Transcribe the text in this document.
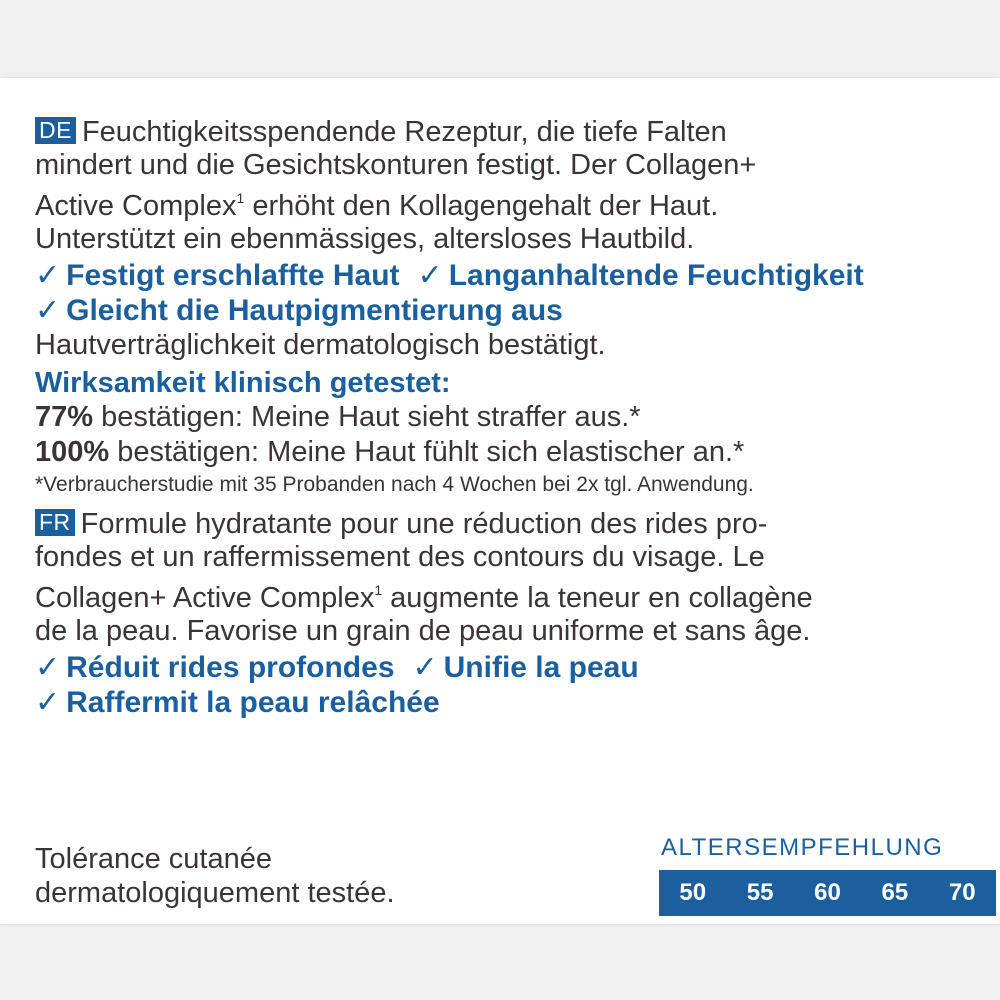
DE Feuchtigkeitsspendende Rezeptur, die tiefe Falten
mindert und die Gesichtskonturen festigt. Der Collagen+
Active Complex$^1$ erhöht den Kollagengehalt der Haut.
Unterstützt ein ebenmässiges, altersloses Hautbild.

✓ Festigt erschlaffte Haut ✓ Langanhaltende Feuchtigkeit
✓ Gleicht die Hautpigmentierung aus

Hautverträglichkeit dermatologisch bestätigt.

Wirksamkeit klinisch getestet:

77% bestätigen: Meine Haut sieht straffer aus.*

100% bestätigen: Meine Haut fühlt sich elastischer an.*

*Verbraucherstudie mit 35 Probanden nach 4 Wochen bei 2x tgl. Anwendung.

FR Formule hydratante pour une réduction des rides pro-
fondes et un raffermissement des contours du visage. Le
Collagen+ Active Complex$^1$ augmente la teneur en collagène
de la peau. Favorise un grain de peau uniforme et sans âge.

✓ Réduit rides profondes ✓ Unifie la peau
✓ Raffermit la peau relâchée
Tolérance cutanée
dermatologiquement testée.
ALTERSEMPFEHLUNG
50 55 60 65 70
